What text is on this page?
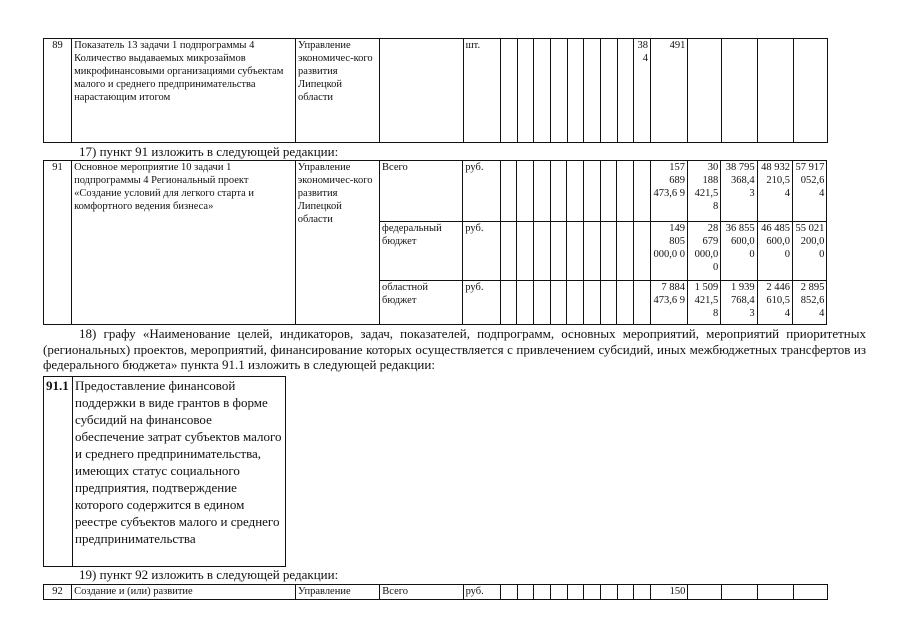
89	Показатель 13 задачи 1 подпрограммы 4 Количество выдаваемых микрозаймов микрофинансовыми организациями субъектам малого и среднего предпринимательства нарастающим итогом	Управление экономичес-кого развития Липецкой области		шт.									384	491				
17) пункт 91 изложить в следующей редакции:
91	Основное мероприятие 10 задачи 1 подпрограммы 4 Региональный проект «Создание условий для легкого старта и комфортного ведения бизнеса»	Управление экономичес-кого развития Липецкой области	Всего	руб.										157 689 473,6 9	30 188 421,58	38 795 368,4 3	48 932 210,5 4	57 917 052,6 4
			федеральный бюджет	руб.										149 805 000,0 0	28 679 000,00	36 855 600,0 0	46 485 600,0 0	55 021 200,0 0
			областной бюджет	руб.										7 884 473,6 9	1 509 421,58	1 939 768,4 3	2 446 610,5 4	2 895 852,6 4
18) графу «Наименование целей, индикаторов, задач, показателей, подпрограмм, основных мероприятий, мероприятий приоритетных (региональных) проектов, мероприятий, финансирование которых осуществляется с привлечением субсидий, иных межбюджетных трансфертов из федерального бюджета» пункта 91.1 изложить в следующей редакции:
91.1	Предоставление финансовой поддержки в виде грантов в форме субсидий на финансовое обеспечение затрат субъектов малого и среднего предпринимательства, имеющих статус социального предприятия, подтверждение которого содержится в едином реестре субъектов малого и среднего предпринимательства
19) пункт 92 изложить в следующей редакции:
92	Создание и (или) развитие	Управление	Всего	руб.										150				
